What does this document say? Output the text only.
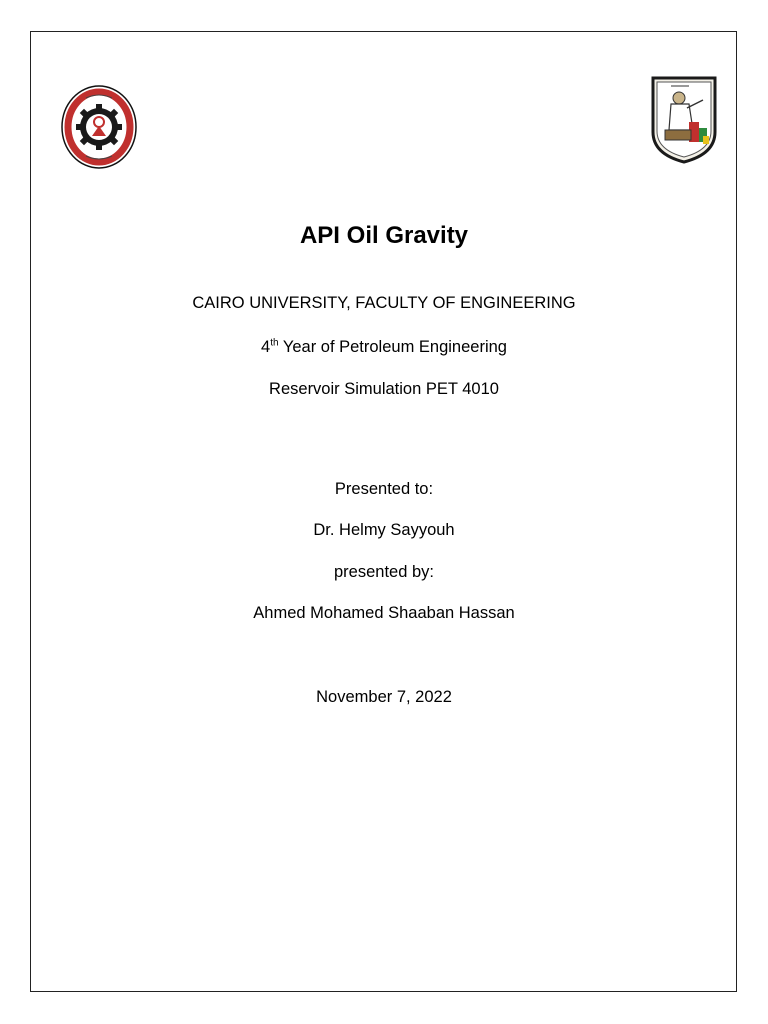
API Oil Gravity
CAIRO UNIVERSITY, FACULTY OF ENGINEERING
4th Year of Petroleum Engineering
Reservoir Simulation PET 4010
Presented to:
Dr. Helmy Sayyouh
presented by:
Ahmed Mohamed Shaaban Hassan
November 7, 2022
